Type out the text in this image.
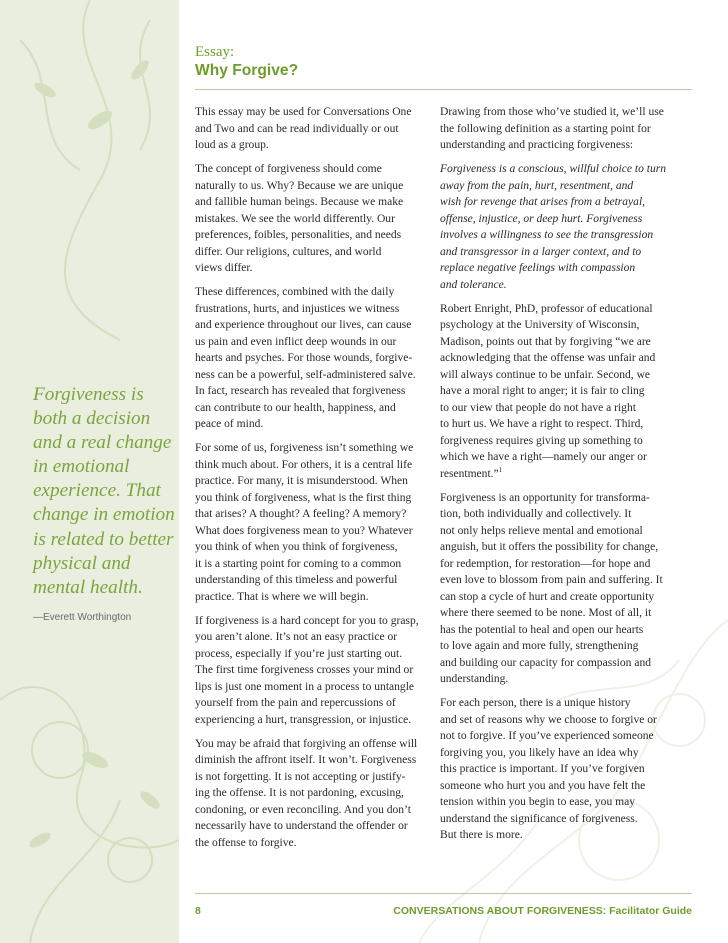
Forgiveness is

both a decision

and a real change

in emotional

experience. That

change in emotion

is related to better

physical and

mental health.

—Everett Worthington
Essay:
Why Forgive?

This essay may be used for Conversations One
and Two and can be read individually or out
loud as a group.

The concept of forgiveness should come
naturally to us. Why? Because we are unique
and fallible human beings. Because we make
mistakes. We see the world differently. Our
preferences, foibles, personalities, and needs
differ. Our religions, cultures, and world
views differ.

These differences, combined with the daily
frustrations, hurts, and injustices we witness
and experience throughout our lives, can cause
us pain and even inflict deep wounds in our
hearts and psyches. For those wounds, forgive-
ness can be a powerful, self-administered salve.
In fact, research has revealed that forgiveness
can contribute to our health, happiness, and
peace of mind.

For some of us, forgiveness isn’t something we
think much about. For others, it is a central life
practice. For many, it is misunderstood. When
you think of forgiveness, what is the first thing
that arises? A thought? A feeling? A memory?
What does forgiveness mean to you? Whatever
you think of when you think of forgiveness,
it is a starting point for coming to a common
understanding of this timeless and powerful
practice. That is where we will begin.

If forgiveness is a hard concept for you to grasp,
you aren’t alone. It’s not an easy practice or
process, especially if you’re just starting out.
The first time forgiveness crosses your mind or
lips is just one moment in a process to untangle
yourself from the pain and repercussions of
experiencing a hurt, transgression, or injustice.

You may be afraid that forgiving an offense will
diminish the affront itself. It won’t. Forgiveness
is not forgetting. It is not accepting or justify-
ing the offense. It is not pardoning, excusing,
condoning, or even reconciling. And you don’t
necessarily have to understand the offender or
the offense to forgive.

Drawing from those who’ve studied it, we’ll use
the following definition as a starting point for
understanding and practicing forgiveness:

Forgiveness is a conscious, willful choice to turn
away from the pain, hurt, resentment, and
wish for revenge that arises from a betrayal,
offense, injustice, or deep hurt. Forgiveness
involves a willingness to see the transgression
and transgressor in a larger context, and to
replace negative feelings with compassion
and tolerance.

Robert Enright, PhD, professor of educational
psychology at the University of Wisconsin,
Madison, points out that by forgiving “we are
acknowledging that the offense was unfair and
will always continue to be unfair. Second, we
have a moral right to anger; it is fair to cling
to our view that people do not have a right
to hurt us. We have a right to respect. Third,
forgiveness requires giving up something to
which we have a right—namely our anger or
resentment.”$^1$

Forgiveness is an opportunity for transforma-
tion, both individually and collectively. It
not only helps relieve mental and emotional
anguish, but it offers the possibility for change,
for redemption, for restoration—for hope and
even love to blossom from pain and suffering. It
can stop a cycle of hurt and create opportunity
where there seemed to be none. Most of all, it
has the potential to heal and open our hearts
to love again and more fully, strengthening
and building our capacity for compassion and
understanding.

For each person, there is a unique history
and set of reasons why we choose to forgive or
not to forgive. If you’ve experienced someone
forgiving you, you likely have an idea why
this practice is important. If you’ve forgiven
someone who hurt you and you have felt the
tension within you begin to ease, you may
understand the significance of forgiveness.
But there is more.

8	CONVERSATIONS ABOUT FORGIVENESS: Facilitator Guide
